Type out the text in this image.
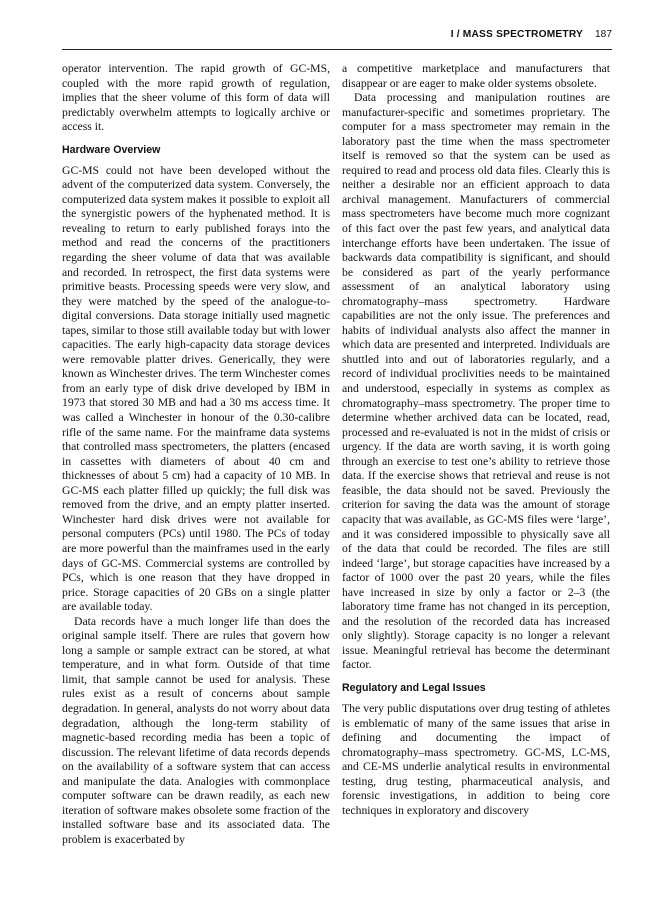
I / MASS SPECTROMETRY 187

operator intervention. The rapid growth of GC-MS, coupled with the more rapid growth of regulation, implies that the sheer volume of this form of data will predictably overwhelm attempts to logically archive or access it.

Hardware Overview

GC-MS could not have been developed without the advent of the computerized data system. Conversely, the computerized data system makes it possible to exploit all the synergistic powers of the hyphenated method. It is revealing to return to early published forays into the method and read the concerns of the practitioners regarding the sheer volume of data that was available and recorded. In retrospect, the first data systems were primitive beasts. Processing speeds were very slow, and they were matched by the speed of the analogue-to-digital conversions. Data storage initially used magnetic tapes, similar to those still available today but with lower capacities. The early high-capacity data storage devices were removable platter drives. Generically, they were known as Winchester drives. The term Winchester comes from an early type of disk drive developed by IBM in 1973 that stored 30 MB and had a 30 ms access time. It was called a Winchester in honour of the 0.30-calibre rifle of the same name. For the mainframe data systems that controlled mass spectrometers, the platters (encased in cassettes with diameters of about 40 cm and thicknesses of about 5 cm) had a capacity of 10 MB. In GC-MS each platter filled up quickly; the full disk was removed from the drive, and an empty platter inserted. Winchester hard disk drives were not available for personal computers (PCs) until 1980. The PCs of today are more powerful than the mainframes used in the early days of GC-MS. Commercial systems are controlled by PCs, which is one reason that they have dropped in price. Storage capacities of 20 GBs on a single platter are available today.

Data records have a much longer life than does the original sample itself. There are rules that govern how long a sample or sample extract can be stored, at what temperature, and in what form. Outside of that time limit, that sample cannot be used for analysis. These rules exist as a result of concerns about sample degradation. In general, analysts do not worry about data degradation, although the long-term stability of magnetic-based recording media has been a topic of discussion. The relevant lifetime of data records depends on the availability of a software system that can access and manipulate the data. Analogies with commonplace computer software can be drawn readily, as each new iteration of software makes obsolete some fraction of the installed software base and its associated data. The problem is exacerbated by

a competitive marketplace and manufacturers that disappear or are eager to make older systems obsolete.

Data processing and manipulation routines are manufacturer-specific and sometimes proprietary. The computer for a mass spectrometer may remain in the laboratory past the time when the mass spectrometer itself is removed so that the system can be used as required to read and process old data files. Clearly this is neither a desirable nor an efficient approach to data archival management. Manufacturers of commercial mass spectrometers have become much more cognizant of this fact over the past few years, and analytical data interchange efforts have been undertaken. The issue of backwards data compatibility is significant, and should be considered as part of the yearly performance assessment of an analytical laboratory using chromatography–mass spectrometry. Hardware capabilities are not the only issue. The preferences and habits of individual analysts also affect the manner in which data are presented and interpreted. Individuals are shuttled into and out of laboratories regularly, and a record of individual proclivities needs to be maintained and understood, especially in systems as complex as chromatography–mass spectrometry. The proper time to determine whether archived data can be located, read, processed and re-evaluated is not in the midst of crisis or urgency. If the data are worth saving, it is worth going through an exercise to test one’s ability to retrieve those data. If the exercise shows that retrieval and reuse is not feasible, the data should not be saved. Previously the criterion for saving the data was the amount of storage capacity that was available, as GC-MS files were ‘large’, and it was considered impossible to physically save all of the data that could be recorded. The files are still indeed ‘large’, but storage capacities have increased by a factor of 1000 over the past 20 years, while the files have increased in size by only a factor or 2–3 (the laboratory time frame has not changed in its perception, and the resolution of the recorded data has increased only slightly). Storage capacity is no longer a relevant issue. Meaningful retrieval has become the determinant factor.

Regulatory and Legal Issues

The very public disputations over drug testing of athletes is emblematic of many of the same issues that arise in defining and documenting the impact of chromatography–mass spectrometry. GC-MS, LC-MS, and CE-MS underlie analytical results in environmental testing, drug testing, pharmaceutical analysis, and forensic investigations, in addition to being core techniques in exploratory and discovery
